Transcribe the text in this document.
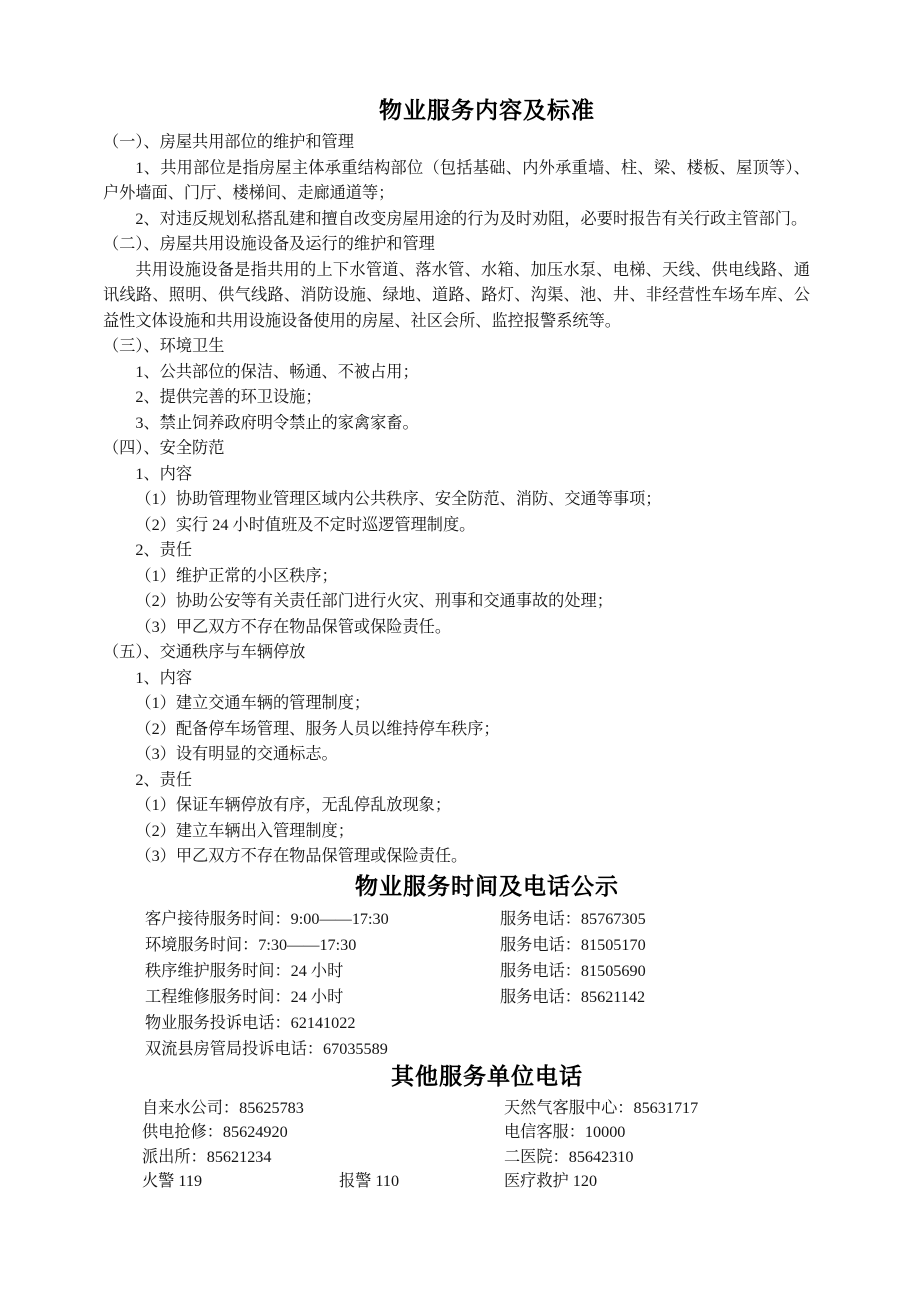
物业服务内容及标准

（一）、房屋共用部位的维护和管理

1、共用部位是指房屋主体承重结构部位（包括基础、内外承重墙、柱、梁、楼板、屋顶等）、户外墙面、门厅、楼梯间、走廊通道等；

2、对违反规划私搭乱建和擅自改变房屋用途的行为及时劝阻，必要时报告有关行政主管部门。

（二）、房屋共用设施设备及运行的维护和管理

共用设施设备是指共用的上下水管道、落水管、水箱、加压水泵、电梯、天线、供电线路、通讯线路、照明、供气线路、消防设施、绿地、道路、路灯、沟渠、池、井、非经营性车场车库、公益性文体设施和共用设施设备使用的房屋、社区会所、监控报警系统等。

（三）、环境卫生

1、公共部位的保洁、畅通、不被占用；

2、提供完善的环卫设施；

3、禁止饲养政府明令禁止的家禽家畜。

（四）、安全防范

1、内容

（1）协助管理物业管理区域内公共秩序、安全防范、消防、交通等事项；

（2）实行 24 小时值班及不定时巡逻管理制度。

2、责任

（1）维护正常的小区秩序；

（2）协助公安等有关责任部门进行火灾、刑事和交通事故的处理；

（3）甲乙双方不存在物品保管或保险责任。

（五）、交通秩序与车辆停放

1、内容

（1）建立交通车辆的管理制度；

（2）配备停车场管理、服务人员以维持停车秩序；

（3）设有明显的交通标志。

2、责任

（1）保证车辆停放有序，无乱停乱放现象；

（2）建立车辆出入管理制度；

（3）甲乙双方不存在物品保管理或保险责任。

物业服务时间及电话公示
客户接待服务时间：9:00——17:30	服务电话：85767305
环境服务时间：7:30——17:30	服务电话：81505170
秩序维护服务时间：24 小时	服务电话：81505690
工程维修服务时间：24 小时	服务电话：85621142
物业服务投诉电话：62141022
双流县房管局投诉电话：67035589
其他服务单位电话
自来水公司：85625783	天然气客服中心：85631717
供电抢修：85624920	电信客服：10000
派出所：85621234	二医院：85642310
火警 119	报警 110	医疗救护 120
